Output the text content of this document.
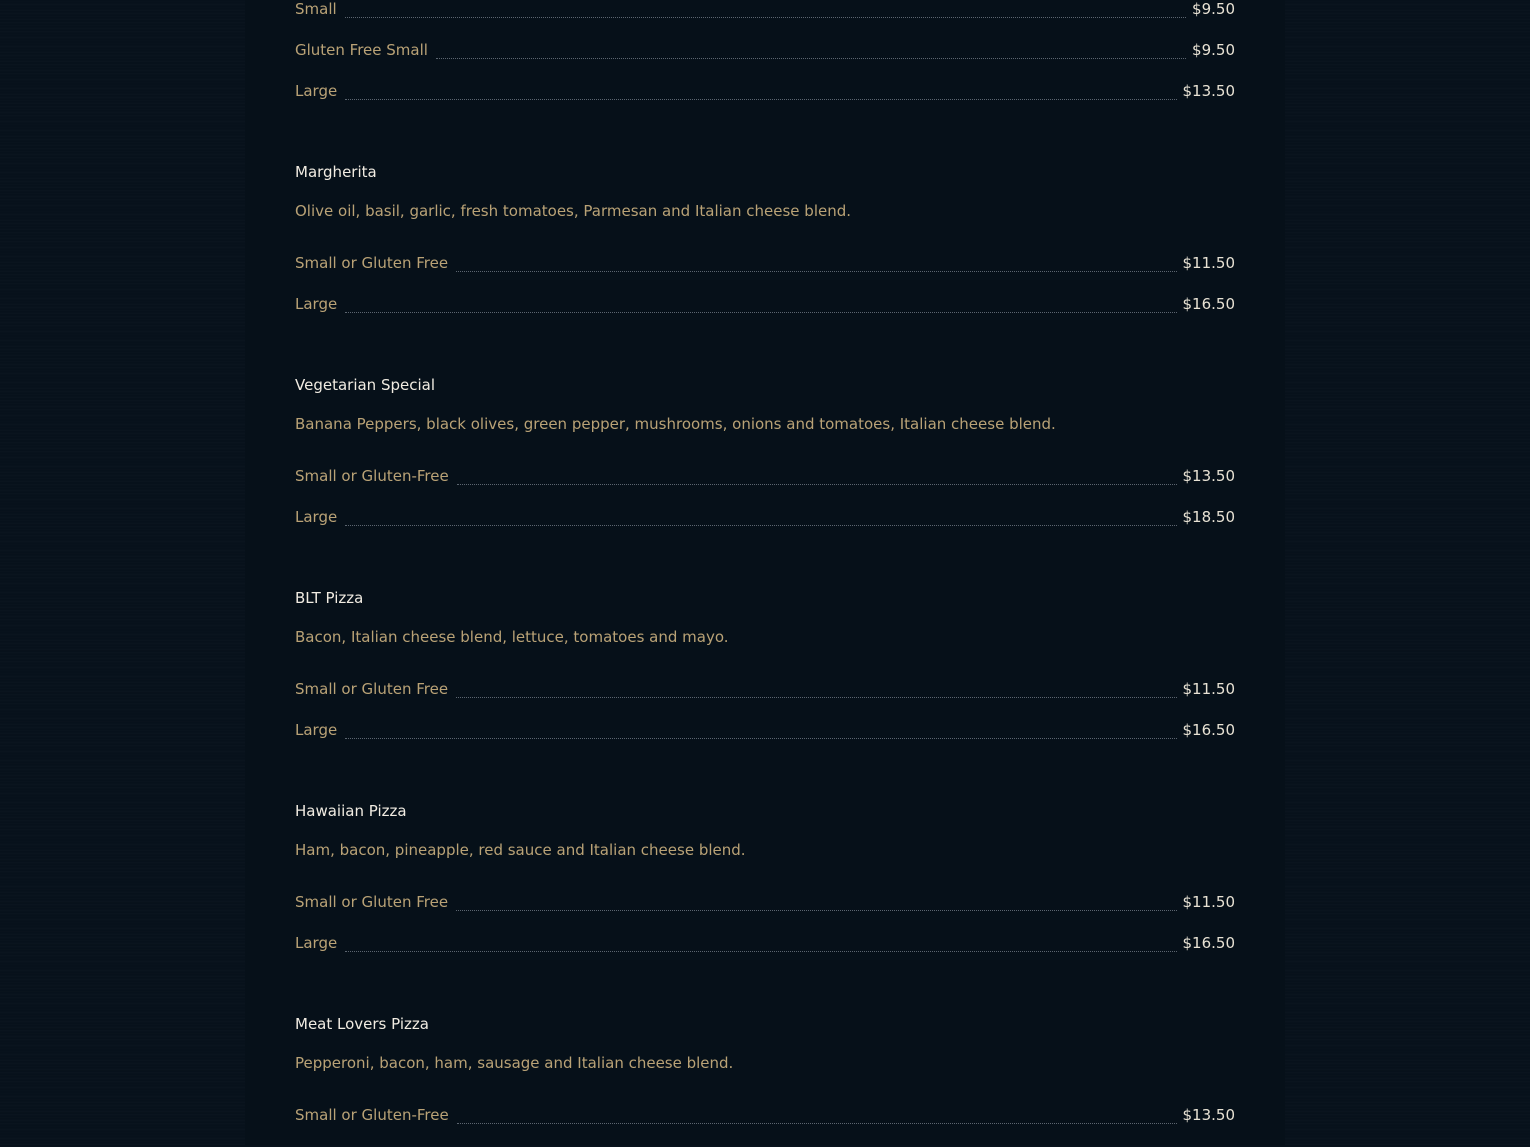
Small	$9.50
Gluten Free Small	$9.50
Large	$13.50
Margherita
Olive oil, basil, garlic, fresh tomatoes, Parmesan and Italian cheese blend.
Small or Gluten Free	$11.50
Large	$16.50
Vegetarian Special
Banana Peppers, black olives, green pepper, mushrooms, onions and tomatoes, Italian cheese blend.
Small or Gluten-Free	$13.50
Large	$18.50
BLT Pizza
Bacon, Italian cheese blend, lettuce, tomatoes and mayo.
Small or Gluten Free	$11.50
Large	$16.50
Hawaiian Pizza
Ham, bacon, pineapple, red sauce and Italian cheese blend.
Small or Gluten Free	$11.50
Large	$16.50
Meat Lovers Pizza
Pepperoni, bacon, ham, sausage and Italian cheese blend.
Small or Gluten-Free	$13.50
